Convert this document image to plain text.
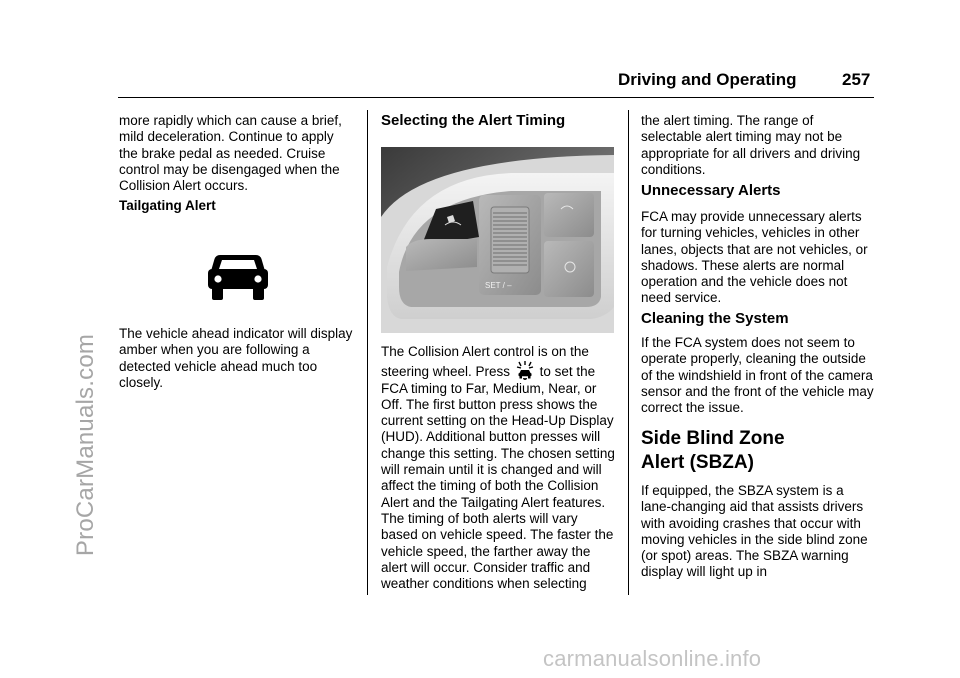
Driving and Operating	257
ProCarManuals.com
carmanualsonline.info
more rapidly which can cause a brief, mild deceleration. Continue to apply the brake pedal as needed. Cruise control may be disengaged when the Collision Alert occurs.
Tailgating Alert
The vehicle ahead indicator will display amber when you are following a detected vehicle ahead much too closely.
Selecting the Alert Timing
SET / –
The Collision Alert control is on the steering wheel. Press to set the FCA timing to Far, Medium, Near, or Off. The first button press shows the current setting on the Head-Up Display (HUD). Additional button presses will change this setting. The chosen setting will remain until it is changed and will affect the timing of both the Collision Alert and the Tailgating Alert features. The timing of both alerts will vary based on vehicle speed. The faster the vehicle speed, the farther away the alert will occur. Consider traffic and weather conditions when selecting
the alert timing. The range of selectable alert timing may not be appropriate for all drivers and driving conditions.
Unnecessary Alerts
FCA may provide unnecessary alerts for turning vehicles, vehicles in other lanes, objects that are not vehicles, or shadows. These alerts are normal operation and the vehicle does not need service.
Cleaning the System
If the FCA system does not seem to operate properly, cleaning the outside of the windshield in front of the camera sensor and the front of the vehicle may correct the issue.
Side Blind Zone
Alert (SBZA)
If equipped, the SBZA system is a lane-changing aid that assists drivers with avoiding crashes that occur with moving vehicles in the side blind zone (or spot) areas. The SBZA warning display will light up in
